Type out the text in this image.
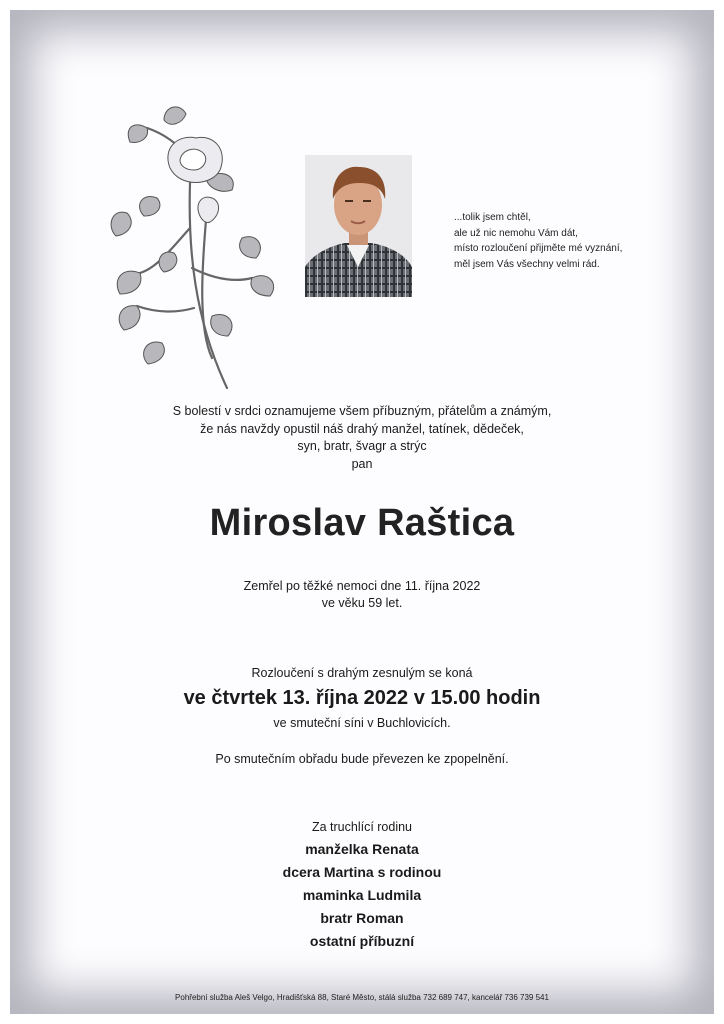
...tolik jsem chtěl,
ale už nic nemohu Vám dát,
místo rozloučení přijměte mé vyznání,
měl jsem Vás všechny velmi rád.
S bolestí v srdci oznamujeme všem příbuzným, přátelům a známým,
že nás navždy opustil náš drahý manžel, tatínek, dědeček,
syn, bratr, švagr a strýc
pan
Miroslav Raštica
Zemřel po těžké nemoci dne 11. října 2022
ve věku 59 let.
Rozloučení s drahým zesnulým se koná
ve čtvrtek 13. října 2022 v 15.00 hodin
ve smuteční síni v Buchlovicích.
Po smutečním obřadu bude převezen ke zpopelnění.
Za truchlící rodinu
manželka Renata
dcera Martina s rodinou
maminka Ludmila
bratr Roman
ostatní příbuzní
Pohřební služba Aleš Velgo, Hradišťská 88, Staré Město, stálá služba 732 689 747, kancelář 736 739 541
